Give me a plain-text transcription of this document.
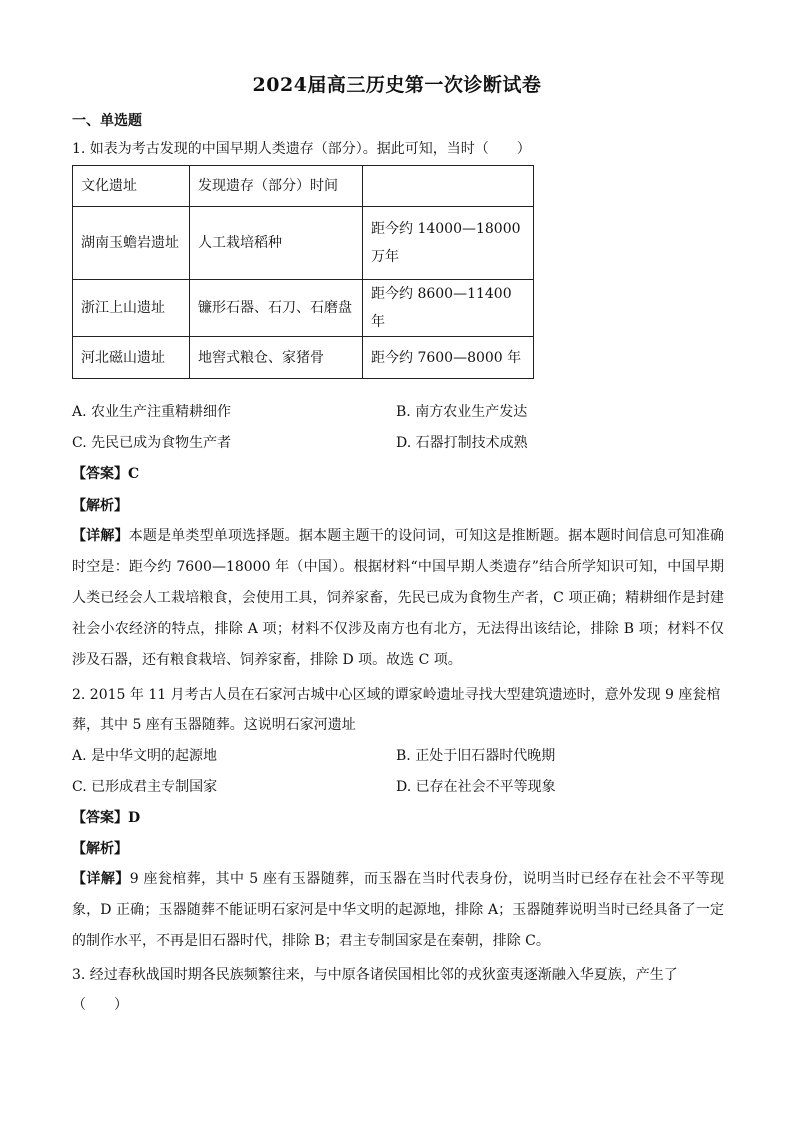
2024届高三历史第一次诊断试卷
一、单选题
1. 如表为考古发现的中国早期人类遗存（部分）。据此可知，当时（　　）
文化遗址	发现遗存（部分）时间	
湖南玉蟾岩遗址	人工栽培稻种	距今约 14000—18000 万年
浙江上山遗址	镰形石器、石刀、石磨盘	距今约 8600—11400 年
河北磁山遗址	地窖式粮仓、家猪骨	距今约 7600—8000 年
A. 农业生产注重精耕细作	B. 南方农业生产发达
C. 先民已成为食物生产者	D. 石器打制技术成熟
【答案】C
【解析】
【详解】本题是单类型单项选择题。据本题主题干的设问词，可知这是推断题。据本题时间信息可知准确时空是：距今约 7600—18000 年（中国）。根据材料“中国早期人类遗存”结合所学知识可知，中国早期人类已经会人工栽培粮食，会使用工具，饲养家畜，先民已成为食物生产者，C 项正确；精耕细作是封建社会小农经济的特点，排除 A 项；材料不仅涉及南方也有北方，无法得出该结论，排除 B 项；材料不仅涉及石器，还有粮食栽培、饲养家畜，排除 D 项。故选 C 项。
2. 2015 年 11 月考古人员在石家河古城中心区域的谭家岭遗址寻找大型建筑遗迹时，意外发现 9 座瓮棺
葬，其中 5 座有玉器随葬。这说明石家河遗址
A. 是中华文明的起源地	B. 正处于旧石器时代晚期
C. 已形成君主专制国家	D. 已存在社会不平等现象
【答案】D
【解析】
【详解】9 座瓮棺葬，其中 5 座有玉器随葬，而玉器在当时代表身份，说明当时已经存在社会不平等现象，D 正确；玉器随葬不能证明石家河是中华文明的起源地，排除 A；玉器随葬说明当时已经具备了一定的制作水平，不再是旧石器时代，排除 B；君主专制国家是在秦朝，排除 C。
3. 经过春秋战国时期各民族频繁往来，与中原各诸侯国相比邻的戎狄蛮夷逐渐融入华夏族，产生了
（　　）
